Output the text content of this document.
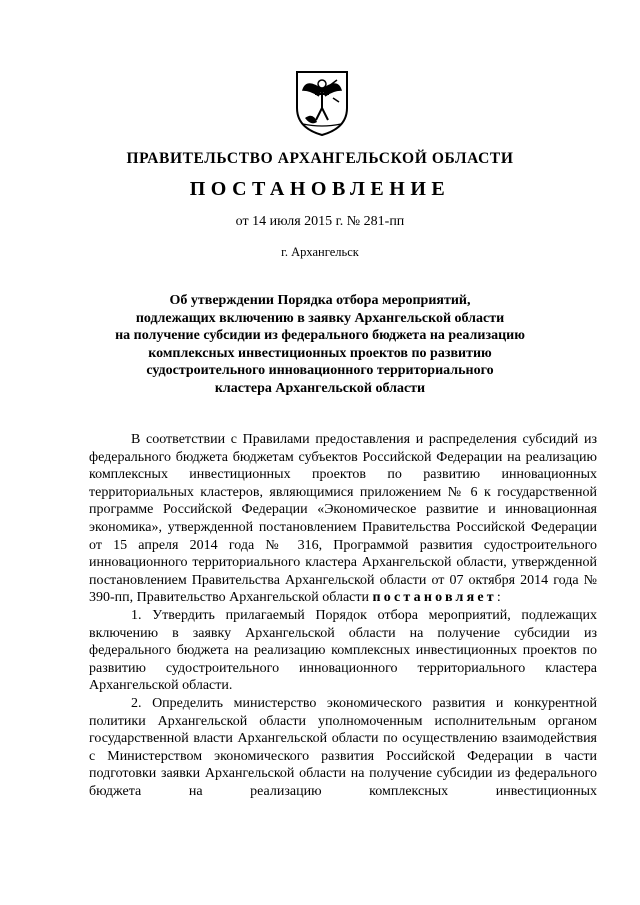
ПРАВИТЕЛЬСТВО АРХАНГЕЛЬСКОЙ ОБЛАСТИ
ПОСТАНОВЛЕНИЕ
от 14 июля 2015 г. № 281-пп
г. Архангельск
Об утверждении Порядка отбора мероприятий,
подлежащих включению в заявку Архангельской области
на получение субсидии из федерального бюджета на реализацию
комплексных инвестиционных проектов по развитию
судостроительного инновационного территориального
кластера Архангельской области

В соответствии с Правилами предоставления и распределения субсидий из федерального бюджета бюджетам субъектов Российской Федерации на реализацию комплексных инвестиционных проектов по развитию инновационных территориальных кластеров, являющимися приложением № 6 к государственной программе Российской Федерации «Экономическое развитие и инновационная экономика», утвержденной постановлением Правительства Российской Федерации от 15 апреля 2014 года № 316, Программой развития судостроительного инновационного территориального кластера Архангельской области, утвержденной постановлением Правительства Архангельской области от 07 октября 2014 года № 390-пп, Правительство Архангельской области постановляет:

1. Утвердить прилагаемый Порядок отбора мероприятий, подлежащих включению в заявку Архангельской области на получение субсидии из федерального бюджета на реализацию комплексных инвестиционных проектов по развитию судостроительного инновационного территориального кластера Архангельской области.

2. Определить министерство экономического развития и конкурентной политики Архангельской области уполномоченным исполнительным органом государственной власти Архангельской области по осуществлению взаимодействия с Министерством экономического развития Российской Федерации в части подготовки заявки Архангельской области на получение субсидии из федерального бюджета на реализацию комплексных инвестиционных
